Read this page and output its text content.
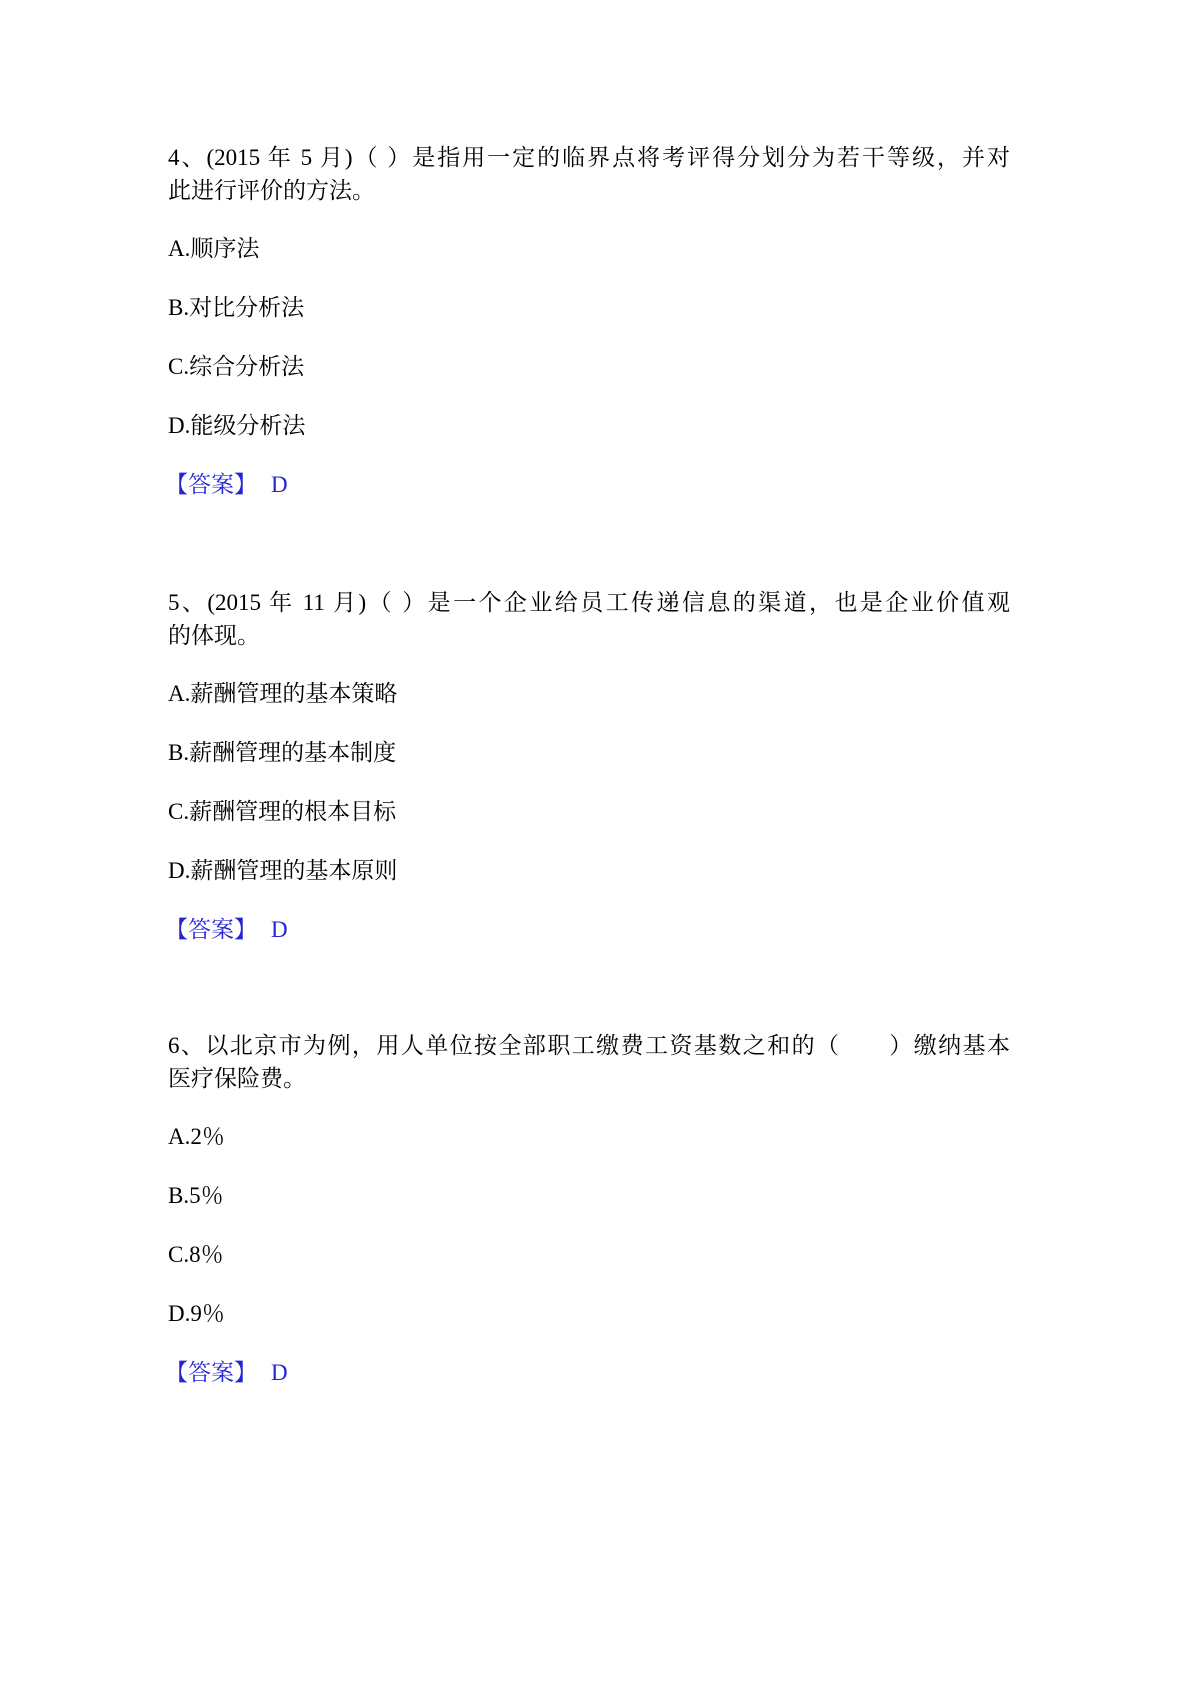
4、(2015 年 5 月)（ ）是指用一定的临界点将考评得分划分为若干等级，并对
此进行评价的方法。
A.顺序法
B.对比分析法
C.综合分析法
D.能级分析法
【答案】 D
5、(2015 年 11 月)（ ）是一个企业给员工传递信息的渠道，也是企业价值观
的体现。
A.薪酬管理的基本策略
B.薪酬管理的基本制度
C.薪酬管理的根本目标
D.薪酬管理的基本原则
【答案】 D
6、以北京市为例，用人单位按全部职工缴费工资基数之和的（　　）缴纳基本
医疗保险费。
A.2％
B.5％
C.8％
D.9％
【答案】 D
